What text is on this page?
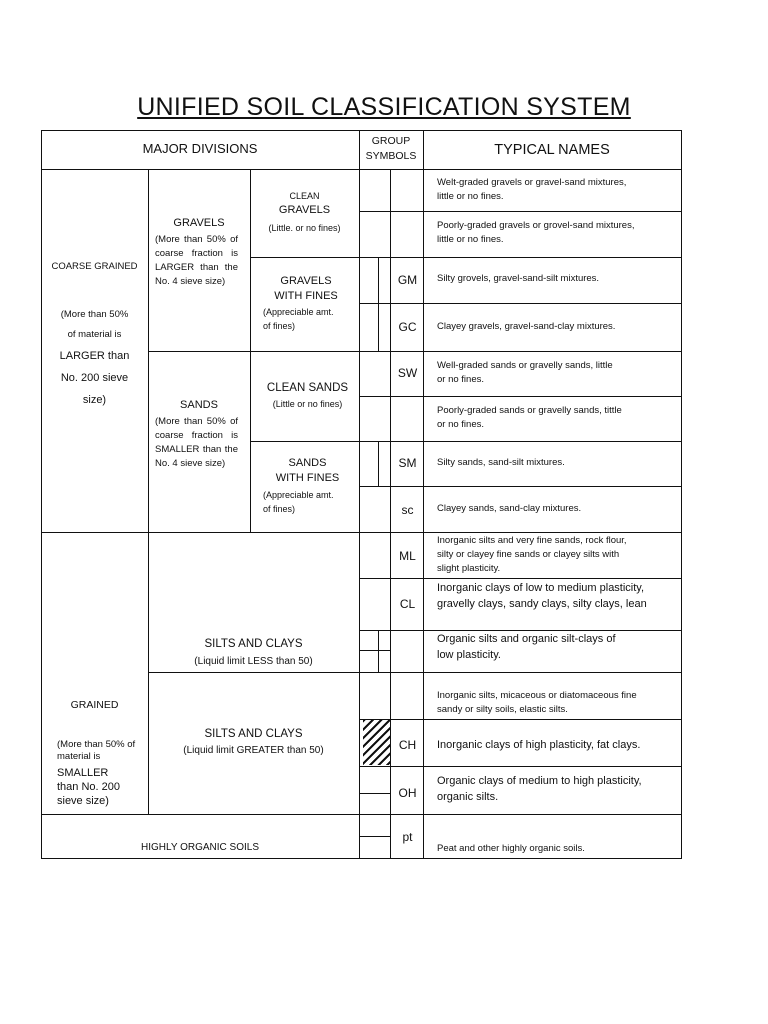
UNIFIED SOIL CLASSIFICATION SYSTEM
MAJOR DIVISIONS	GROUP
SYMBOLS	TYPICAL NAMES
COARSE GRAINED
(More than 50%
of material is
LARGER than
No. 200 sieve
size)
GRAVELS
(More than 50% of coarse fraction is LARGER than the No. 4 sieve size)
CLEAN
GRAVELS
(Little. or no fines)
GRAVELS
WITH FINES
(Appreciable amt.
of fines)
SANDS
(More than 50% of coarse fraction is SMALLER than the No. 4 sieve size)
CLEAN SANDS
(Little or no fines)
SANDS
WITH FINES
(Appreciable amt.
of fines)
GRAINED
(More than 50% of
material is
SMALLER
than No. 200
sieve size)
SILTS AND CLAYS
(Liquid limit LESS than 50)
SILTS AND CLAYS
(Liquid limit GREATER than 50)
HIGHLY ORGANIC SOILS
GM
GC
SW
SM
sc
ML
CL
CH
OH
pt
Welt-graded gravels or gravel-sand mixtures,
little or no fines.
Poorly-graded gravels or grovel-sand mixtures,
little or no fines.
Silty grovels, gravel-sand-silt mixtures.
Clayey gravels, gravel-sand-clay mixtures.
Well-graded sands or gravelly sands, little
or no fines.
Poorly-graded sands or gravelly sands, tittle
or no fines.
Silty sands, sand-silt mixtures.
Clayey sands, sand-clay mixtures.
Inorganic silts and very fine sands, rock flour,
silty or clayey fine sands or clayey silts with
slight plasticity.
Inorganic clays of low to medium plasticity,
gravelly clays, sandy clays, silty clays, lean
Organic silts and organic silt-clays of
low plasticity.
Inorganic silts, micaceous or diatomaceous fine
sandy or silty soils, elastic silts.
Inorganic clays of high plasticity, fat clays.
Organic clays of medium to high plasticity,
organic silts.
Peat and other highly organic soils.
